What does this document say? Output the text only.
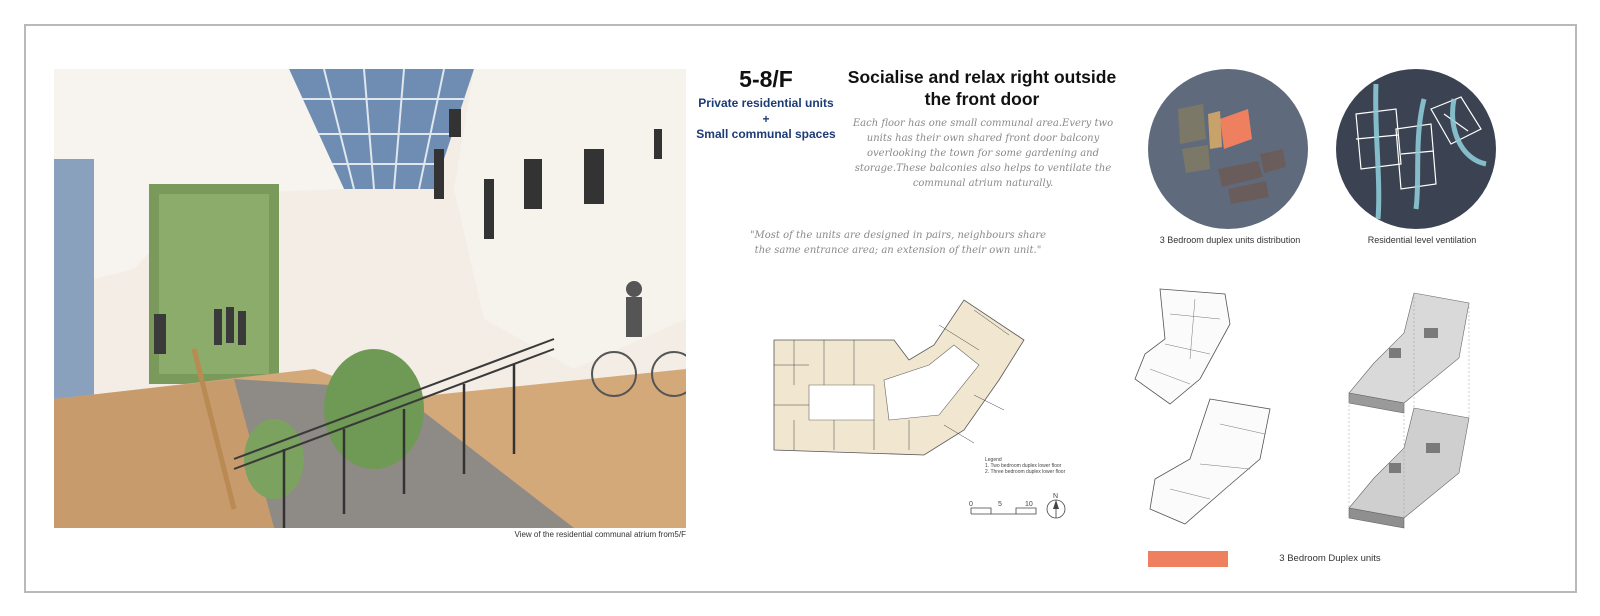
View of the residential communal atrium from5/F
5-8/F
Private residential units
+
Small communal spaces
Socialise and relax right outside
the front door
Each floor has one small communal area.Every two units has their own shared front door balcony overlooking the town for some gardening and storage.These balconies also helps to ventilate the communal atrium naturally.
"Most of the units are designed in pairs, neighbours share the same entrance area; an extension of their own unit."
3 Bedroom duplex units distribution	Residential level ventilation
Legend
1. Two bedroom duplex lower floor
2. Three bedroom duplex lower floor
0	5	10
N
3 Bedroom Duplex units
